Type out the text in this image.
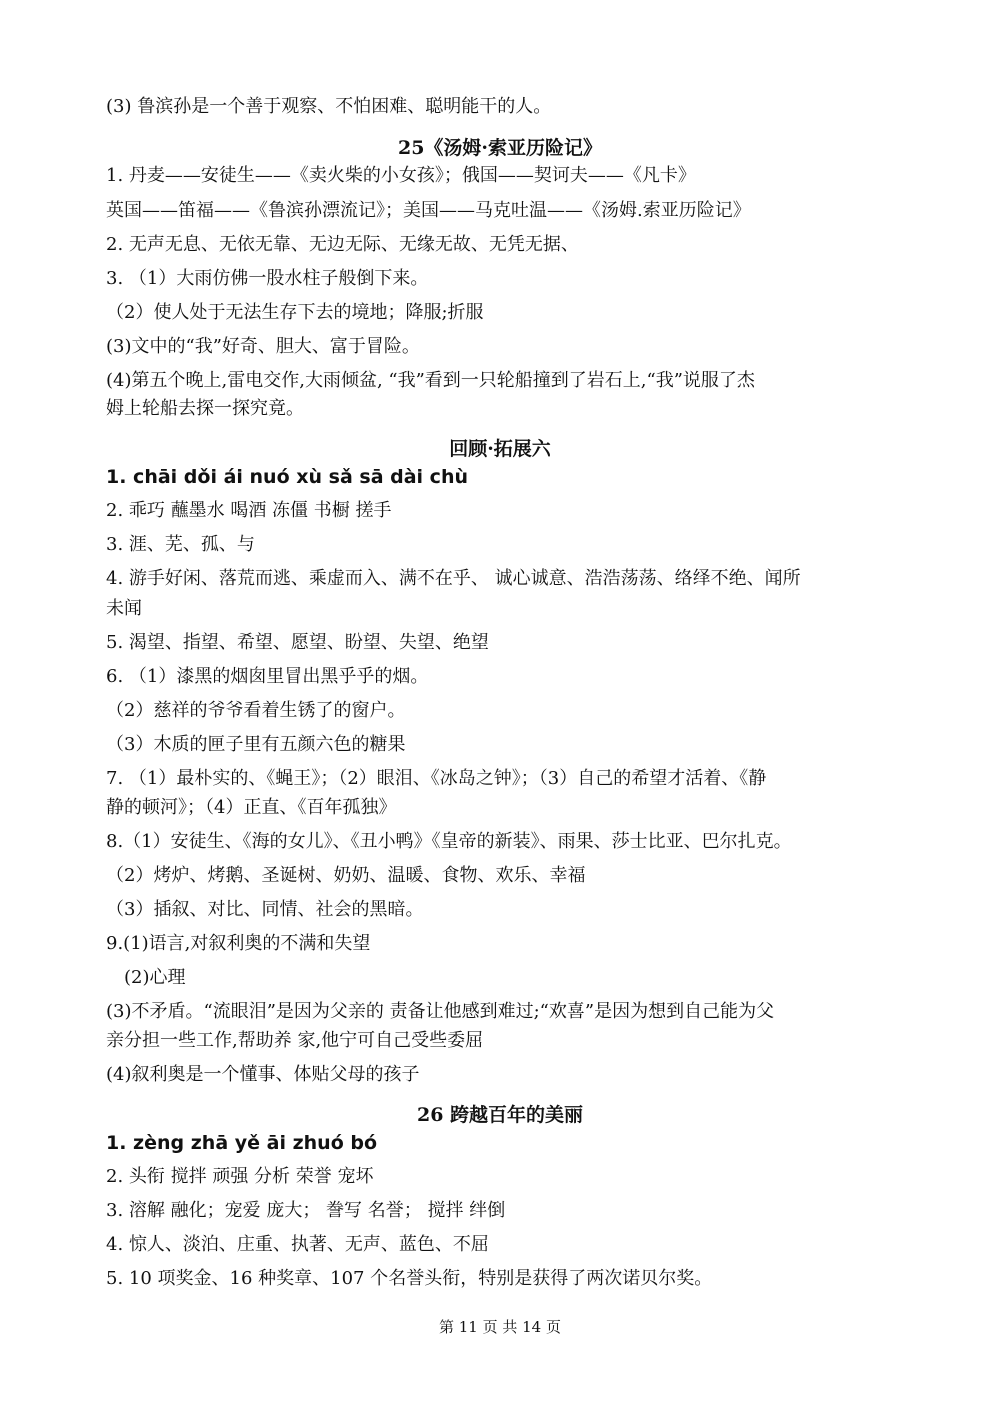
(3) 鲁滨孙是一个善于观察、不怕困难、聪明能干的人。
25《汤姆·索亚历险记》
1. 丹麦——安徒生——《卖火柴的小女孩》；俄国——契诃夫——《凡卡》
英国——笛福——《鲁滨孙漂流记》；美国——马克吐温——《汤姆.索亚历险记》
2. 无声无息、无依无靠、无边无际、无缘无故、无凭无据、
3. （1）大雨仿佛一股水柱子般倒下来。
（2）使人处于无法生存下去的境地；降服;折服
(3)文中的“我”好奇、胆大、富于冒险。
(4)第五个晚上,雷电交作,大雨倾盆, “我”看到一只轮船撞到了岩石上,“我”说服了杰
姆上轮船去探一探究竟。
回顾·拓展六
1. chāi dǒi ái nuó xù sǎ sā dài chù
2. 乖巧 蘸墨水 喝酒 冻僵 书橱 搓手
3. 涯、芜、孤、与
4. 游手好闲、落荒而逃、乘虚而入、满不在乎、 诚心诚意、浩浩荡荡、络绎不绝、闻所
未闻
5. 渴望、指望、希望、愿望、盼望、失望、绝望
6. （1）漆黑的烟囱里冒出黑乎乎的烟。
（2）慈祥的爷爷看着生锈了的窗户。
（3）木质的匣子里有五颜六色的糖果
7. （1）最朴实的、《蝇王》；（2）眼泪、《冰岛之钟》；（3）自己的希望才活着、《静
静的顿河》；（4）正直、《百年孤独》
8.（1）安徒生、《海的女儿》、《丑小鸭》《皇帝的新装》、雨果、莎士比亚、巴尔扎克。
（2）烤炉、烤鹅、圣诞树、奶奶、温暖、食物、欢乐、幸福
（3）插叙、对比、同情、社会的黑暗。
9.(1)语言,对叙利奥的不满和失望
(2)心理
(3)不矛盾。“流眼泪”是因为父亲的 责备让他感到难过;“欢喜”是因为想到自己能为父
亲分担一些工作,帮助养 家,他宁可自己受些委屈
(4)叙利奥是一个懂事、体贴父母的孩子
26 跨越百年的美丽
1. zèng zhā yě āi zhuó bó
2. 头衔 搅拌 顽强 分析 荣誉 宠坏
3. 溶解 融化；宠爱 庞大； 誊写 名誉； 搅拌 绊倒
4. 惊人、淡泊、庄重、执著、无声、蓝色、不屈
5. 10 项奖金、16 种奖章、107 个名誉头衔，特别是获得了两次诺贝尔奖。
第 11 页 共 14 页
